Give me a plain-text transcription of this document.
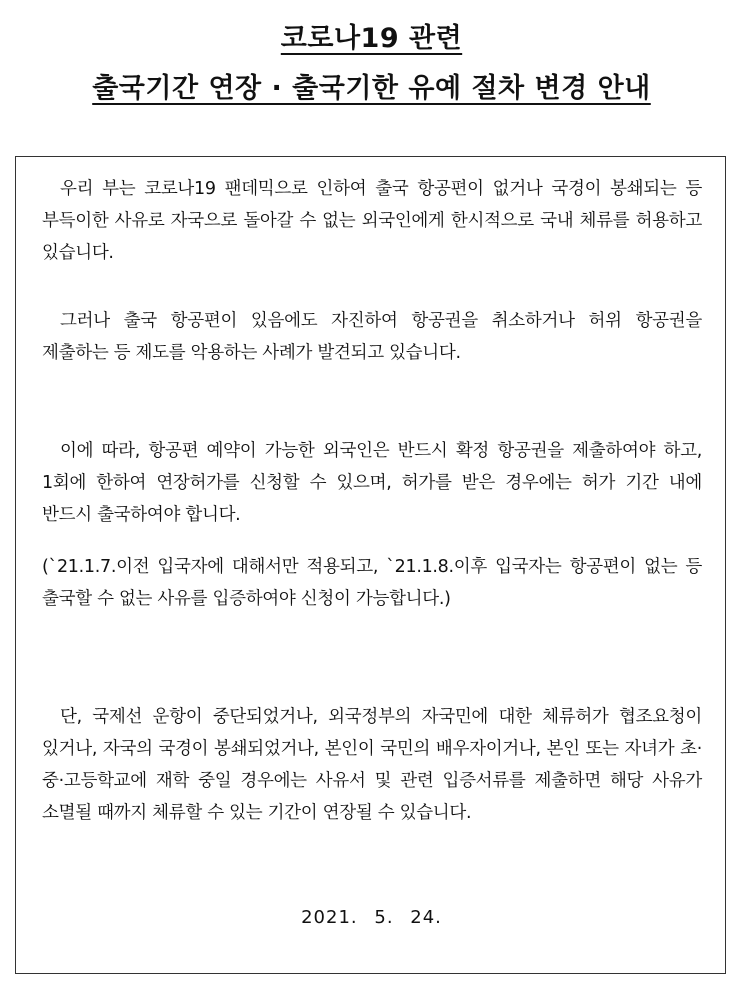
코로나19 관련
출국기간 연장 · 출국기한 유예 절차 변경 안내
우리 부는 코로나19 팬데믹으로 인하여 출국 항공편이 없거나 국경이 봉쇄되는 등 부득이한 사유로 자국으로 돌아갈 수 없는 외국인에게 한시적으로 국내 체류를 허용하고 있습니다.
그러나 출국 항공편이 있음에도 자진하여 항공권을 취소하거나 허위 항공권을 제출하는 등 제도를 악용하는 사례가 발견되고 있습니다.
이에 따라, 항공편 예약이 가능한 외국인은 반드시 확정 항공권을 제출하여야 하고, 1회에 한하여 연장허가를 신청할 수 있으며, 허가를 받은 경우에는 허가 기간 내에 반드시 출국하여야 합니다.
(`21.1.7.이전 입국자에 대해서만 적용되고, `21.1.8.이후 입국자는 항공편이 없는 등 출국할 수 없는 사유를 입증하여야 신청이 가능합니다.)
단, 국제선 운항이 중단되었거나, 외국정부의 자국민에 대한 체류허가 협조요청이 있거나, 자국의 국경이 봉쇄되었거나, 본인이 국민의 배우자이거나, 본인 또는 자녀가 초·중·고등학교에 재학 중일 경우에는 사유서 및 관련 입증서류를 제출하면 해당 사유가 소멸될 때까지 체류할 수 있는 기간이 연장될 수 있습니다.
2021. 5. 24.
